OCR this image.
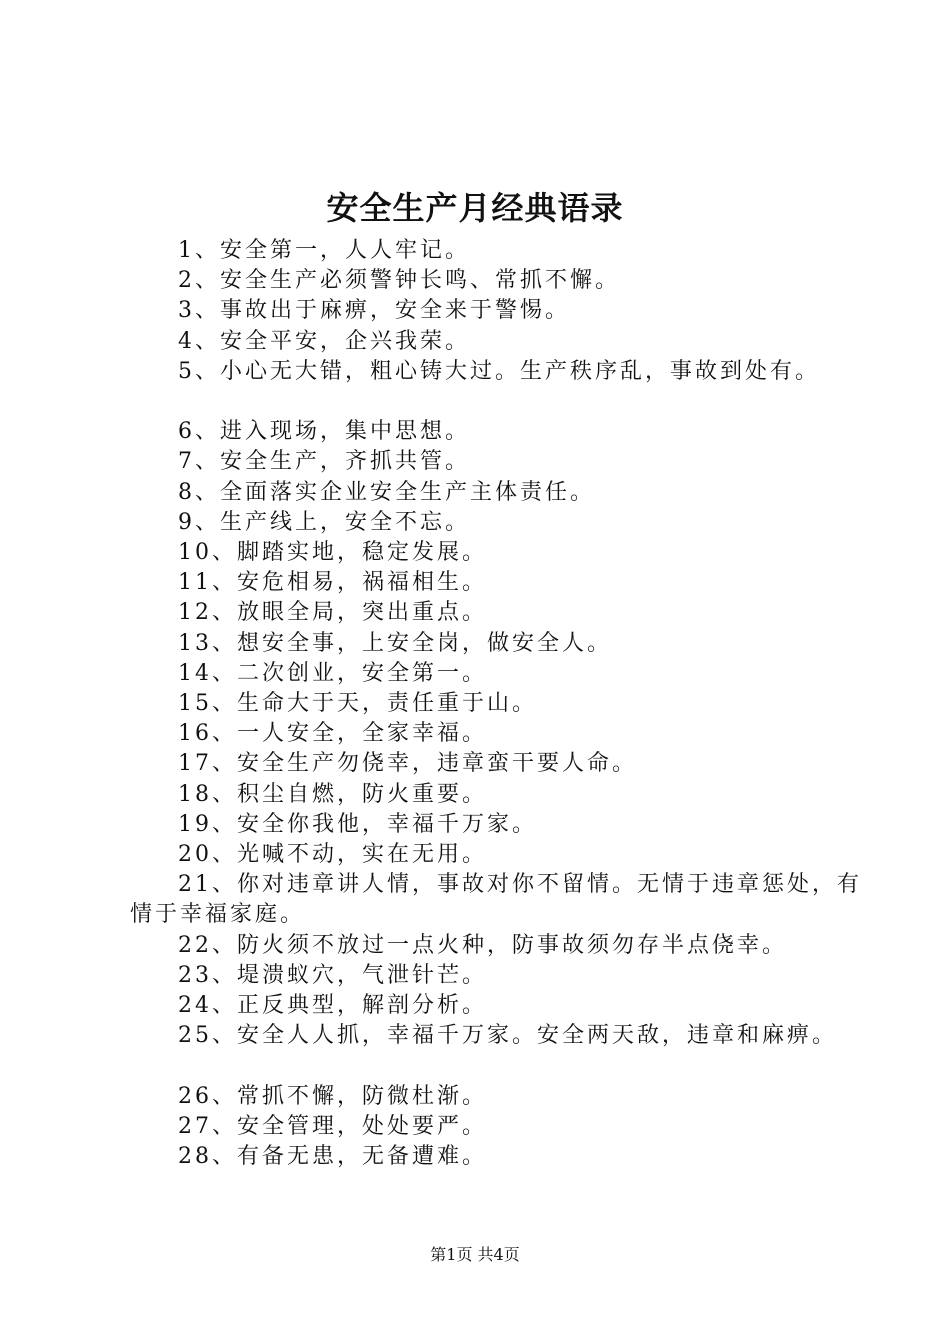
安全生产月经典语录
1、安全第一，人人牢记。
2、安全生产必须警钟长鸣、常抓不懈。
3、事故出于麻痹，安全来于警惕。
4、安全平安，企兴我荣。
5、小心无大错，粗心铸大过。生产秩序乱，事故到处有。
6、进入现场，集中思想。
7、安全生产，齐抓共管。
8、全面落实企业安全生产主体责任。
9、生产线上，安全不忘。
10、脚踏实地，稳定发展。
11、安危相易，祸福相生。
12、放眼全局，突出重点。
13、想安全事，上安全岗，做安全人。
14、二次创业，安全第一。
15、生命大于天，责任重于山。
16、一人安全，全家幸福。
17、安全生产勿侥幸，违章蛮干要人命。
18、积尘自燃，防火重要。
19、安全你我他，幸福千万家。
20、光喊不动，实在无用。
21、你对违章讲人情，事故对你不留情。无情于违章惩处，有情于幸福家庭。
22、防火须不放过一点火种，防事故须勿存半点侥幸。
23、堤溃蚁穴，气泄针芒。
24、正反典型，解剖分析。
25、安全人人抓，幸福千万家。安全两天敌，违章和麻痹。
26、常抓不懈，防微杜渐。
27、安全管理，处处要严。
28、有备无患，无备遭难。
第1页 共4页
